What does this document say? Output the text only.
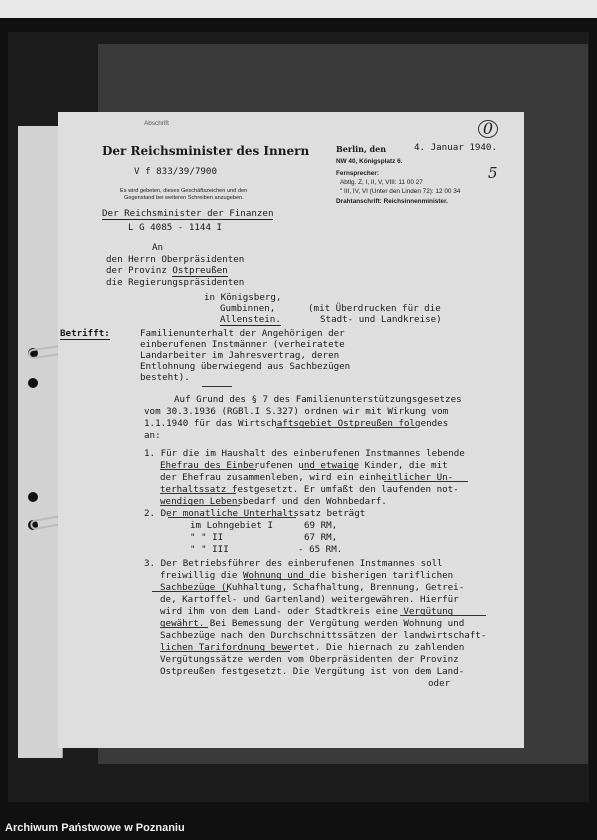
Abschrift
Der Reichsminister des Innern
V f 833/39/7900
Es wird gebeten, dieses Geschäftszeichen und den
Gegenstand bei weiteren Schreiben anzugeben.
Der Reichsminister der Finanzen
L G 4085 - 1144 I
Berlin, den	4. Januar 1940.
NW 40, Königsplatz 6.
Fernsprecher:
Abtlg. Z, I, II, V, VIII: 11 00 27
" III, IV, VI (Unter den Linden 72): 12 00 34
Drahtanschrift: Reichsinnenminister.
An
den Herrn Oberpräsidenten
der Provinz Ostpreußen
die Regierungspräsidenten
in Königsberg,
Gumbinnen,
Allenstein.
(mit Überdrucken für die
Stadt- und Landkreise)
Betrifft:	Familienunterhalt der Angehörigen der
einberufenen Instmänner (verheiratete
Landarbeiter im Jahresvertrag, deren
Entlohnung überwiegend aus Sachbezügen
besteht).
Auf Grund des § 7 des Familienunterstützungsgesetzes
vom 30.3.1936 (RGBl.I S.327) ordnen wir mit Wirkung vom
1.1.1940 für das Wirtschaftsgebiet Ostpreußen folgendes
an:
1. Für die im Haushalt des einberufenen Instmannes lebende
Ehefrau des Einberufenen und etwaige Kinder, die mit
der Ehefrau zusammenleben, wird ein einheitlicher Un-
terhaltssatz festgesetzt. Er umfaßt den laufenden not-
wendigen Lebensbedarf und den Wohnbedarf.
2. Der monatliche Unterhaltssatz beträgt
im Lohngebiet I	69 RM,
" " II	67 RM,
" " III	- 65 RM.
3. Der Betriebsführer des einberufenen Instmannes soll
freiwillig die Wohnung und die bisherigen tariflichen
Sachbezüge (Kuhhaltung, Schafhaltung, Brennung, Getrei-
de, Kartoffel- und Gartenland) weitergewähren. Hierfür
wird ihm von dem Land- oder Stadtkreis eine Vergütung
gewährt. Bei Bemessung der Vergütung werden Wohnung und
Sachbezüge nach den Durchschnittssätzen der landwirtschaft-
lichen Tarifordnung bewertet. Die hiernach zu zahlenden
Vergütungssätze werden vom Oberpräsidenten der Provinz
Ostpreußen festgesetzt. Die Vergütung ist von dem Land-
oder
0
5
Archiwum Państwowe w Poznaniu
